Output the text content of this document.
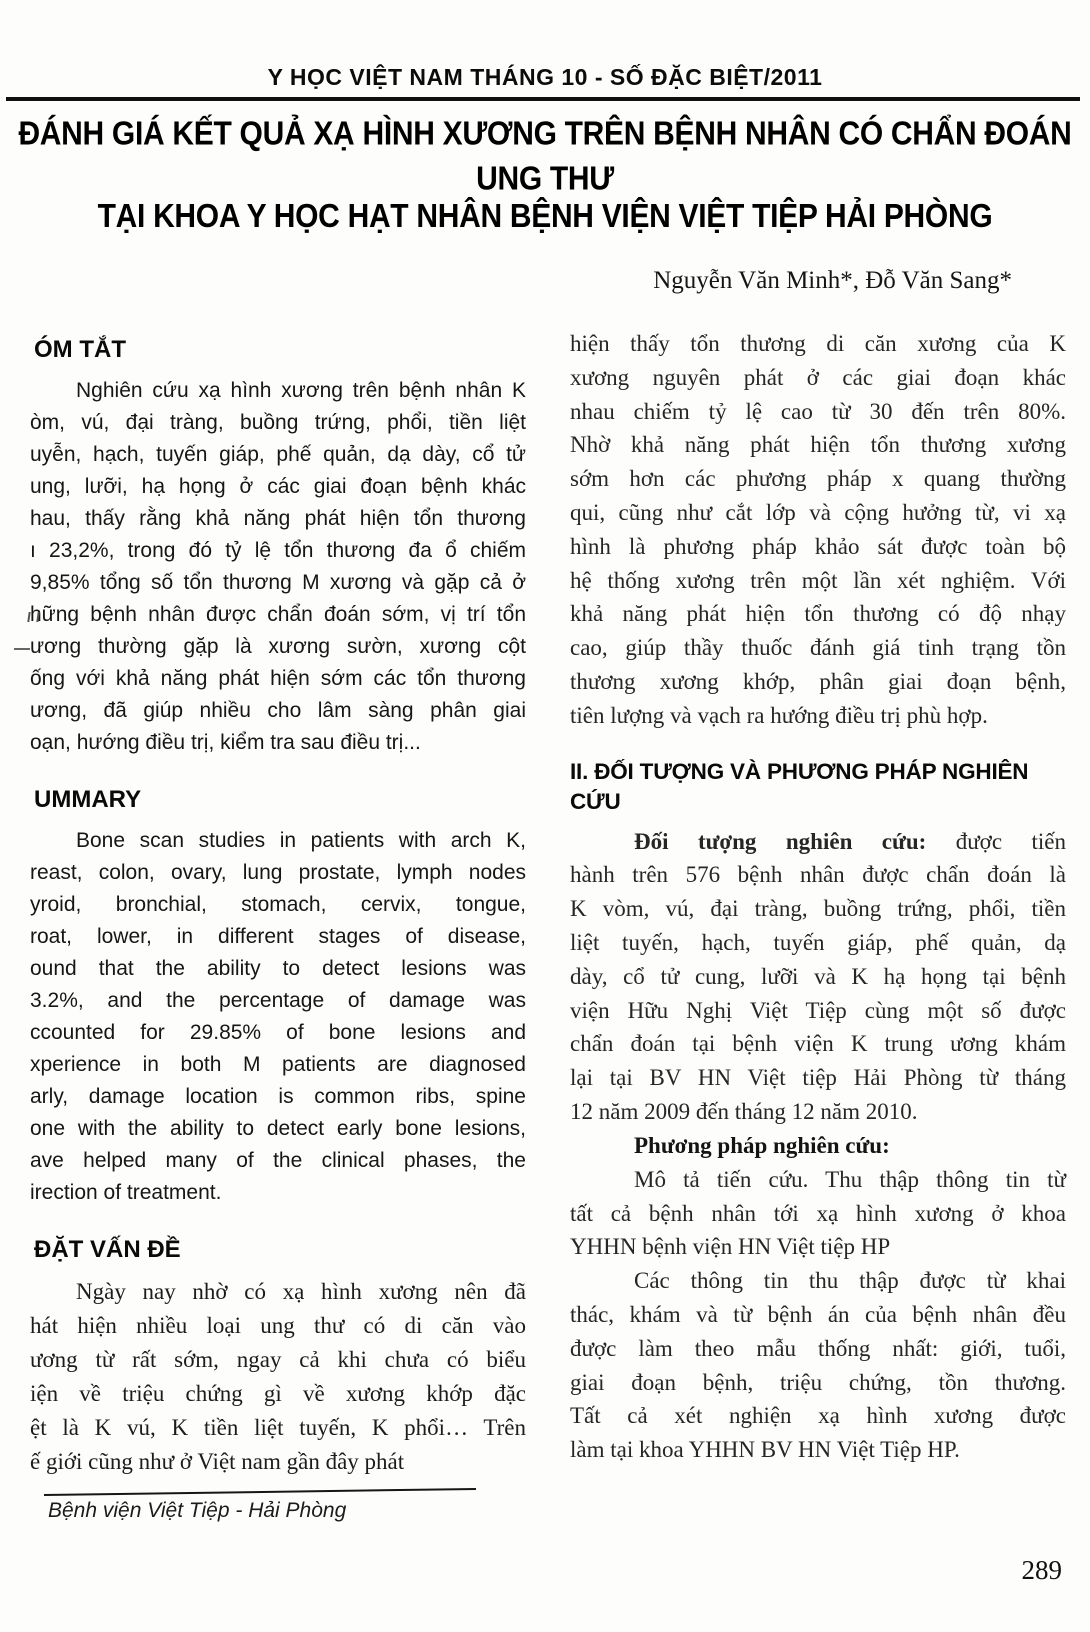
Y HỌC VIỆT NAM THÁNG 10 - SỐ ĐẶC BIỆT/2011
ĐÁNH GIÁ KẾT QUẢ XẠ HÌNH XƯƠNG TRÊN BỆNH NHÂN CÓ CHẨN ĐOÁN UNG THƯ
TẠI KHOA Y HỌC HẠT NHÂN BỆNH VIỆN VIỆT TIỆP HẢI PHÒNG
Nguyễn Văn Minh*, Đỗ Văn Sang*
ÓM TẮT
Nghiên cứu xạ hình xương trên bệnh nhân K
òm, vú, đại tràng, buồng trứng, phổi, tiền liệt
uyễn, hạch, tuyến giáp, phế quản, dạ dày, cổ tử
ung, lưỡi, hạ họng ở các giai đoạn bệnh khác
hau, thấy rằng khả năng phát hiện tổn thương
ı 23,2%, trong đó tỷ lệ tổn thương đa ổ chiếm
9,85% tổng số tổn thương M xương và gặp cả ở
hững bệnh nhân được chẩn đoán sớm, vị trí tổn
ương thường gặp là xương sườn, xương cột
ống với khả năng phát hiện sớm các tổn thương
ương, đã giúp nhiều cho lâm sàng phân giai
oạn, hướng điều trị, kiểm tra sau điều trị...
UMMARY
Bone scan studies in patients with arch K,
reast, colon, ovary, lung prostate, lymph nodes
yroid, bronchial, stomach, cervix, tongue,
roat, lower, in different stages of disease,
ound that the ability to detect lesions was
3.2%, and the percentage of damage was
ccounted for 29.85% of bone lesions and
xperience in both M patients are diagnosed
arly, damage location is common ribs, spine
one with the ability to detect early bone lesions,
ave helped many of the clinical phases, the
irection of treatment.
ĐẶT VẤN ĐỀ
Ngày nay nhờ có xạ hình xương nên đã
hát hiện nhiều loại ung thư có di căn vào
ương từ rất sớm, ngay cả khi chưa có biểu
iện về triệu chứng gì về xương khớp đặc
ệt là K vú, K tiền liệt tuyến, K phổi… Trên
ế giới cũng như ở Việt nam gần đây phát
Bệnh viện Việt Tiệp - Hải Phòng
hiện thấy tổn thương di căn xương của K
xương nguyên phát ở các giai đoạn khác
nhau chiếm tỷ lệ cao từ 30 đến trên 80%.
Nhờ khả năng phát hiện tổn thương xương
sớm hơn các phương pháp x quang thường
qui, cũng như cắt lớp và cộng hưởng từ, vi xạ
hình là phương pháp khảo sát được toàn bộ
hệ thống xương trên một lần xét nghiệm. Với
khả năng phát hiện tổn thương có độ nhạy
cao, giúp thầy thuốc đánh giá tinh trạng tồn
thương xương khớp, phân giai đoạn bệnh,
tiên lượng và vạch ra hướng điều trị phù hợp.
II. ĐỐI TƯỢNG VÀ PHƯƠNG PHÁP NGHIÊN CỨU
Đối tượng nghiên cứu: được tiến
hành trên 576 bệnh nhân được chẩn đoán là
K vòm, vú, đại tràng, buồng trứng, phổi, tiền
liệt tuyến, hạch, tuyến giáp, phế quản, dạ
dày, cổ tử cung, lưỡi và K hạ họng tại bệnh
viện Hữu Nghị Việt Tiệp cùng một số được
chẩn đoán tại bệnh viện K trung ương khám
lại tại BV HN Việt tiệp Hải Phòng từ tháng
12 năm 2009 đến tháng 12 năm 2010.
Phương pháp nghiên cứu:
Mô tả tiến cứu. Thu thập thông tin từ
tất cả bệnh nhân tới xạ hình xương ở khoa
YHHN bệnh viện HN Việt tiệp HP
Các thông tin thu thập được từ khai
thác, khám và từ bệnh án của bệnh nhân đều
được làm theo mẫu thống nhất: giới, tuổi,
giai đoạn bệnh, triệu chứng, tồn thương.
Tất cả xét nghiện xạ hình xương được
làm tại khoa YHHN BV HN Việt Tiệp HP.
289
